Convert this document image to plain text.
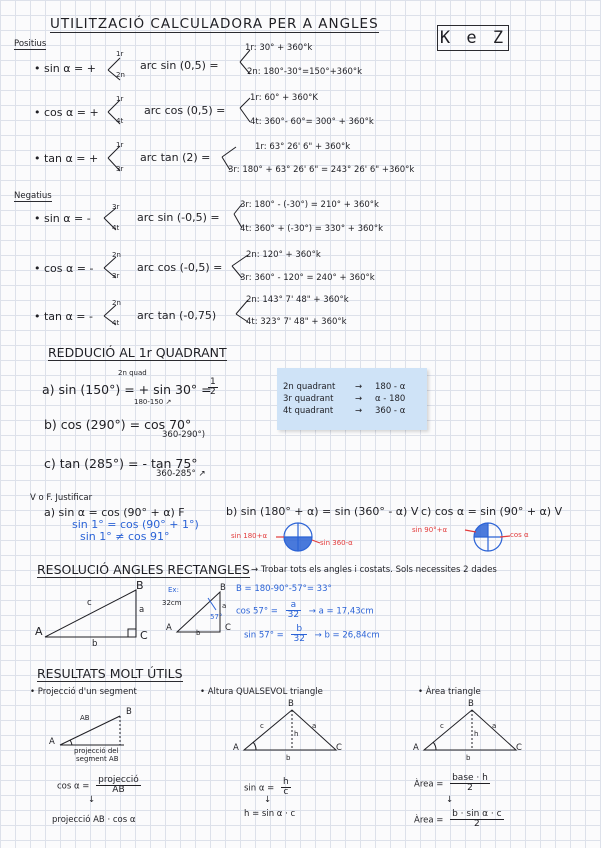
UTILITZACIÓ CALCULADORA PER A ANGLES
K e Z
Positius
• sin α = +
1r
2n
arc sin (0,5) =
1r: 30° + 360°k
2n: 180°-30°=150°+360°k
• cos α = +
1r
4t
arc cos (0,5) =
1r: 60° + 360°K
4t: 360°- 60°= 300° + 360°k
• tan α = +
1r
3r
arc tan (2) =
1r: 63° 26' 6" + 360°k
3r: 180° + 63° 26' 6" = 243° 26' 6" +360°k
Negatius
• sin α = -
3r
4t
arc sin (-0,5) =
3r: 180° - (-30°) = 210° + 360°k
4t: 360° + (-30°) = 330° + 360°k
• cos α = -
2n
3r
arc cos (-0,5) =
2n: 120° + 360°k
3r: 360° - 120° = 240° + 360°k
• tan α = -
2n
4t
arc tan (-0,75)
2n: 143° 7' 48" + 360°k
4t: 323° 7' 48" + 360°k
REDDUCIÓ AL 1r QUADRANT
2n quad
a) sin (150°) = + sin 30° =
$\frac{1}{2}$
180-150 ↗
b) cos (290°) = cos 70°
360-290°)
c) tan (285°) = - tan 75°
360-285° ↗
2n quadrant → 180 - α
3r quadrant	→ α - 180
4t quadrant	→ 360 - α
V o F. Justificar
a) sin α = cos (90° + α) F
sin 1° = cos (90° + 1°)
sin 1° ≠ cos 91°
b) sin (180° + α) = sin (360° - α) V
sin 180+α
sin 360-α
c) cos α = sin (90° + α) V
sin 90°+α
cos α
RESOLUCIÓ ANGLES RECTANGLES → Trobar tots els angles i costats. Sols necessites 2 dades
A
B
C
a
b
c
Ex:
32cm
57°
A
B
C
a
b
B = 180-90°-57°= 33°
$\cos 57^\circ = \frac{a}{32} \to a = 17,43cm$
$\sin 57^\circ = \frac{b}{32} \to b = 26,84cm$
RESULTATS MOLT ÚTILS
• Projecció d'un segment
AB
B
A
projecció del
segment AB
$\cos \alpha = \frac{\text{projecció}}{AB}$
↓
projecció AB · cos α
• Altura QUALSEVOL triangle
B
A	C
c	a
h
b
$\sin \alpha = \frac{h}{c}$
↓
h = sin α · c
• Àrea triangle
B
A	C
c	a
h
b
Àrea = $\frac{\text{base · h}}{2}$
↓
Àrea = $\frac{\text{b · sin α · c}}{2}$
